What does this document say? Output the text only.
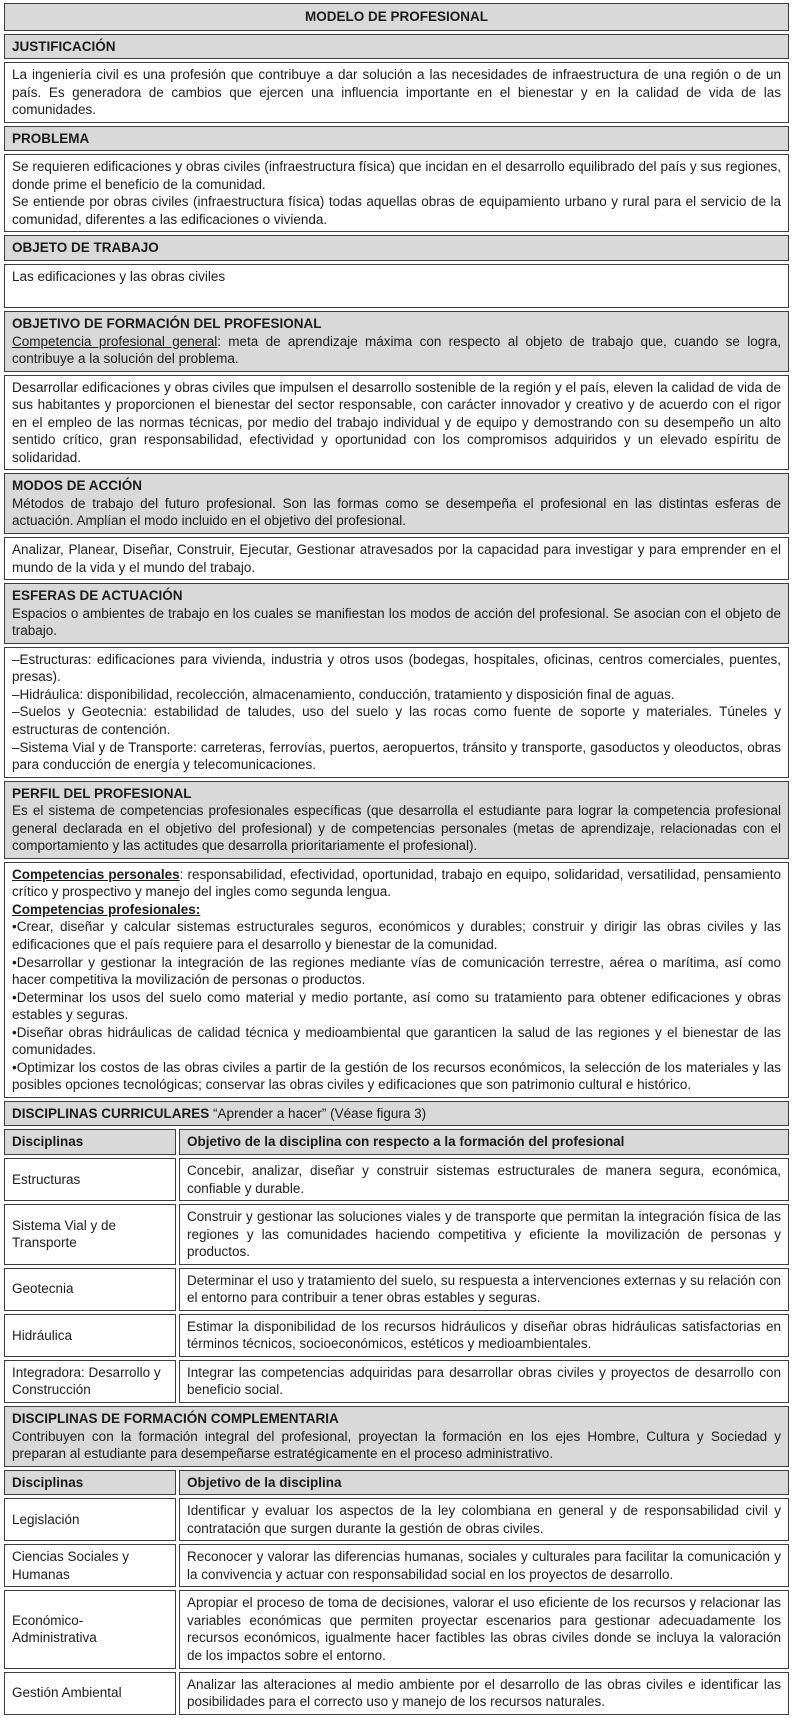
MODELO DE PROFESIONAL
JUSTIFICACIÓN
La ingeniería civil es una profesión que contribuye a dar solución a las necesidades de infraestructura de una región o de un país. Es generadora de cambios que ejercen una influencia importante en el bienestar y en la calidad de vida de las comunidades.
PROBLEMA

Se requieren edificaciones y obras civiles (infraestructura física) que incidan en el desarrollo equilibrado del país y sus regiones, donde prime el beneficio de la comunidad.

Se entiende por obras civiles (infraestructura física) todas aquellas obras de equipamiento urbano y rural para el servicio de la comunidad, diferentes a las edificaciones o vivienda.

OBJETO DE TRABAJO

Las edificaciones y las obras civiles

OBJETIVO DE FORMACIÓN DEL PROFESIONAL
Competencia profesional general: meta de aprendizaje máxima con respecto al objeto de trabajo que, cuando se logra, contribuye a la solución del problema.
Desarrollar edificaciones y obras civiles que impulsen el desarrollo sostenible de la región y el país, eleven la calidad de vida de sus habitantes y proporcionen el bienestar del sector responsable, con carácter innovador y creativo y de acuerdo con el rigor en el empleo de las normas técnicas, por medio del trabajo individual y de equipo y demostrando con su desempeño un alto sentido crítico, gran responsabilidad, efectividad y oportunidad con los compromisos adquiridos y un elevado espíritu de solidaridad.
MODOS DE ACCIÓN
Métodos de trabajo del futuro profesional. Son las formas como se desempeña el profesional en las distintas esferas de actuación. Amplían el modo incluido en el objetivo del profesional.
Analizar, Planear, Diseñar, Construir, Ejecutar, Gestionar atravesados por la capacidad para investigar y para emprender en el mundo de la vida y el mundo del trabajo.
ESFERAS DE ACTUACIÓN
Espacios o ambientes de trabajo en los cuales se manifiestan los modos de acción del profesional. Se asocian con el objeto de trabajo.

–Estructuras: edificaciones para vivienda, industria y otros usos (bodegas, hospitales, oficinas, centros comerciales, puentes, presas).

–Hidráulica: disponibilidad, recolección, almacenamiento, conducción, tratamiento y disposición final de aguas.

–Suelos y Geotecnia: estabilidad de taludes, uso del suelo y las rocas como fuente de soporte y materiales. Túneles y estructuras de contención.

–Sistema Vial y de Transporte: carreteras, ferrovías, puertos, aeropuertos, tránsito y transporte, gasoductos y oleoductos, obras para conducción de energía y telecomunicaciones.

PERFIL DEL PROFESIONAL
Es el sistema de competencias profesionales específicas (que desarrolla el estudiante para lograr la competencia profesional general declarada en el objetivo del profesional) y de competencias personales (metas de aprendizaje, relacionadas con el comportamiento y las actitudes que desarrolla prioritariamente el profesional).

Competencias personales: responsabilidad, efectividad, oportunidad, trabajo en equipo, solidaridad, versatilidad, pensamiento crítico y prospectivo y manejo del ingles como segunda lengua.

Competencias profesionales:

•Crear, diseñar y calcular sistemas estructurales seguros, económicos y durables; construir y dirigir las obras civiles y las edificaciones que el país requiere para el desarrollo y bienestar de la comunidad.

•Desarrollar y gestionar la integración de las regiones mediante vías de comunicación terrestre, aérea o marítima, así como hacer competitiva la movilización de personas o productos.

•Determinar los usos del suelo como material y medio portante, así como su tratamiento para obtener edificaciones y obras estables y seguras.

•Diseñar obras hidráulicas de calidad técnica y medioambiental que garanticen la salud de las regiones y el bienestar de las comunidades.

•Optimizar los costos de las obras civiles a partir de la gestión de los recursos económicos, la selección de los materiales y las posibles opciones tecnológicas; conservar las obras civiles y edificaciones que son patrimonio cultural e histórico.

DISCIPLINAS CURRICULARES “Aprender a hacer” (Véase figura 3)
Disciplinas	Objetivo de la disciplina con respecto a la formación del profesional
Estructuras
Concebir, analizar, diseñar y construir sistemas estructurales de manera segura, económica, confiable y durable.
Sistema Vial y de Transporte
Construir y gestionar las soluciones viales y de transporte que permitan la integración física de las regiones y las comunidades haciendo competitiva y eficiente la movilización de personas y productos.
Geotecnia
Determinar el uso y tratamiento del suelo, su respuesta a intervenciones externas y su relación con el entorno para contribuir a tener obras estables y seguras.
Hidráulica
Estimar la disponibilidad de los recursos hidráulicos y diseñar obras hidráulicas satisfactorias en términos técnicos, socioeconómicos, estéticos y medioambientales.
Integradora: Desarrollo y Construcción
Integrar las competencias adquiridas para desarrollar obras civiles y proyectos de desarrollo con beneficio social.
DISCIPLINAS DE FORMACIÓN COMPLEMENTARIA
Contribuyen con la formación integral del profesional, proyectan la formación en los ejes Hombre, Cultura y Sociedad y preparan al estudiante para desempeñarse estratégicamente en el proceso administrativo.
Disciplinas	Objetivo de la disciplina
Legislación
Identificar y evaluar los aspectos de la ley colombiana en general y de responsabilidad civil y contratación que surgen durante la gestión de obras civiles.
Ciencias Sociales y Humanas
Reconocer y valorar las diferencias humanas, sociales y culturales para facilitar la comunicación y la convivencia y actuar con responsabilidad social en los proyectos de desarrollo.
Económico- Administrativa
Apropiar el proceso de toma de decisiones, valorar el uso eficiente de los recursos y relacionar las variables económicas que permiten proyectar escenarios para gestionar adecuadamente los recursos económicos, igualmente hacer factibles las obras civiles donde se incluya la valoración de los impactos sobre el entorno.
Gestión Ambiental
Analizar las alteraciones al medio ambiente por el desarrollo de las obras civiles e identificar las posibilidades para el correcto uso y manejo de los recursos naturales.
